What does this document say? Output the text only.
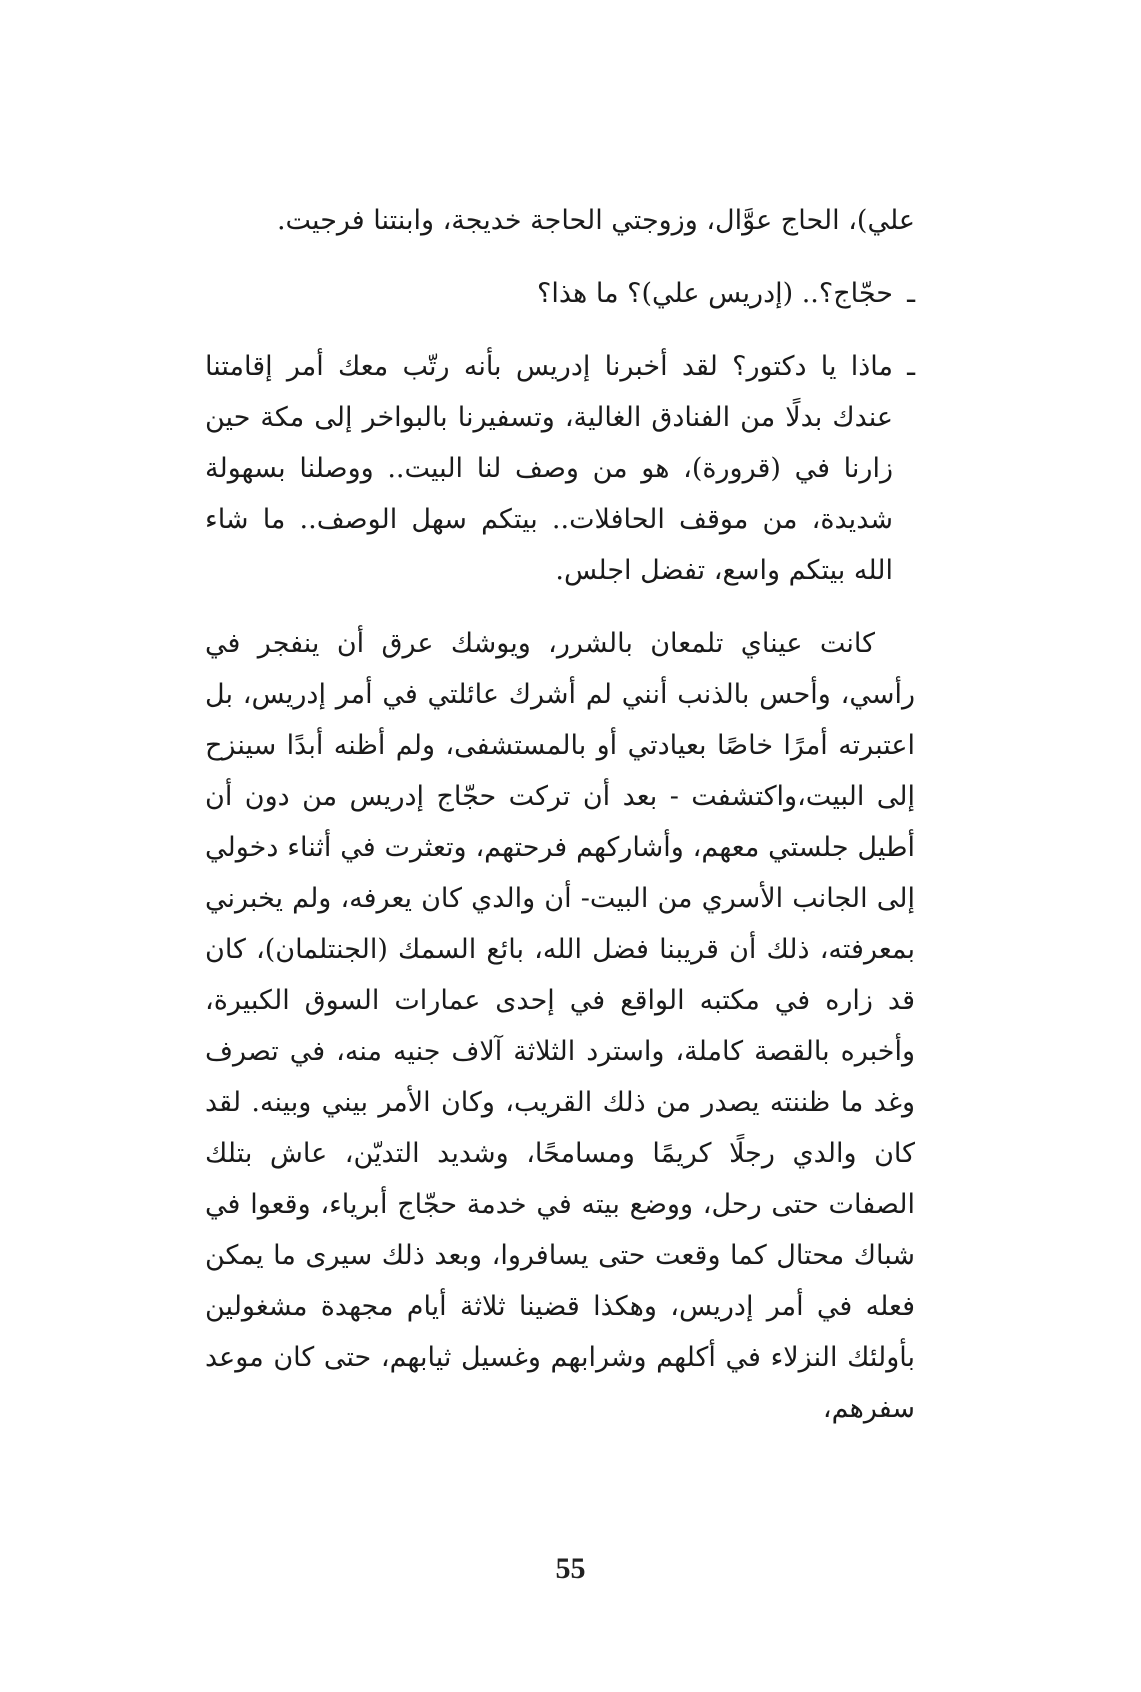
علي)، الحاج عوَّال، وزوجتي الحاجة خديجة، وابنتنا فرجيت.

ـ
حجّاج؟.. (إدريس علي)؟ ما هذا؟
ـ
ماذا يا دكتور؟ لقد أخبرنا إدريس بأنه رتّب معك أمر إقامتنا عندك بدلًا من الفنادق الغالية، وتسفيرنا بالبواخر إلى مكة حين زارنا في (قرورة)، هو من وصف لنا البيت.. ووصلنا بسهولة شديدة، من موقف الحافلات.. بيتكم سهل الوصف.. ما شاء الله بيتكم واسع، تفضل اجلس.

كانت عيناي تلمعان بالشرر، ويوشك عرق أن ينفجر في رأسي، وأحس بالذنب أنني لم أشرك عائلتي في أمر إدريس، بل اعتبرته أمرًا خاصًا بعيادتي أو بالمستشفى، ولم أظنه أبدًا سينزح إلى البيت،واكتشفت - بعد أن تركت حجّاج إدريس من دون أن أطيل جلستي معهم، وأشاركهم فرحتهم، وتعثرت في أثناء دخولي إلى الجانب الأسري من البيت- أن والدي كان يعرفه، ولم يخبرني بمعرفته، ذلك أن قريبنا فضل الله، بائع السمك (الجنتلمان)، كان قد زاره في مكتبه الواقع في إحدى عمارات السوق الكبيرة، وأخبره بالقصة كاملة، واسترد الثلاثة آلاف جنيه منه، في تصرف وغد ما ظننته يصدر من ذلك القريب، وكان الأمر بيني وبينه. لقد كان والدي رجلًا كريمًا ومسامحًا، وشديد التديّن، عاش بتلك الصفات حتى رحل، ووضع بيته في خدمة حجّاج أبرياء، وقعوا في شباك محتال كما وقعت حتى يسافروا، وبعد ذلك سيرى ما يمكن فعله في أمر إدريس، وهكذا قضينا ثلاثة أيام مجهدة مشغولين بأولئك النزلاء في أكلهم وشرابهم وغسيل ثيابهم، حتى كان موعد سفرهم،

55
